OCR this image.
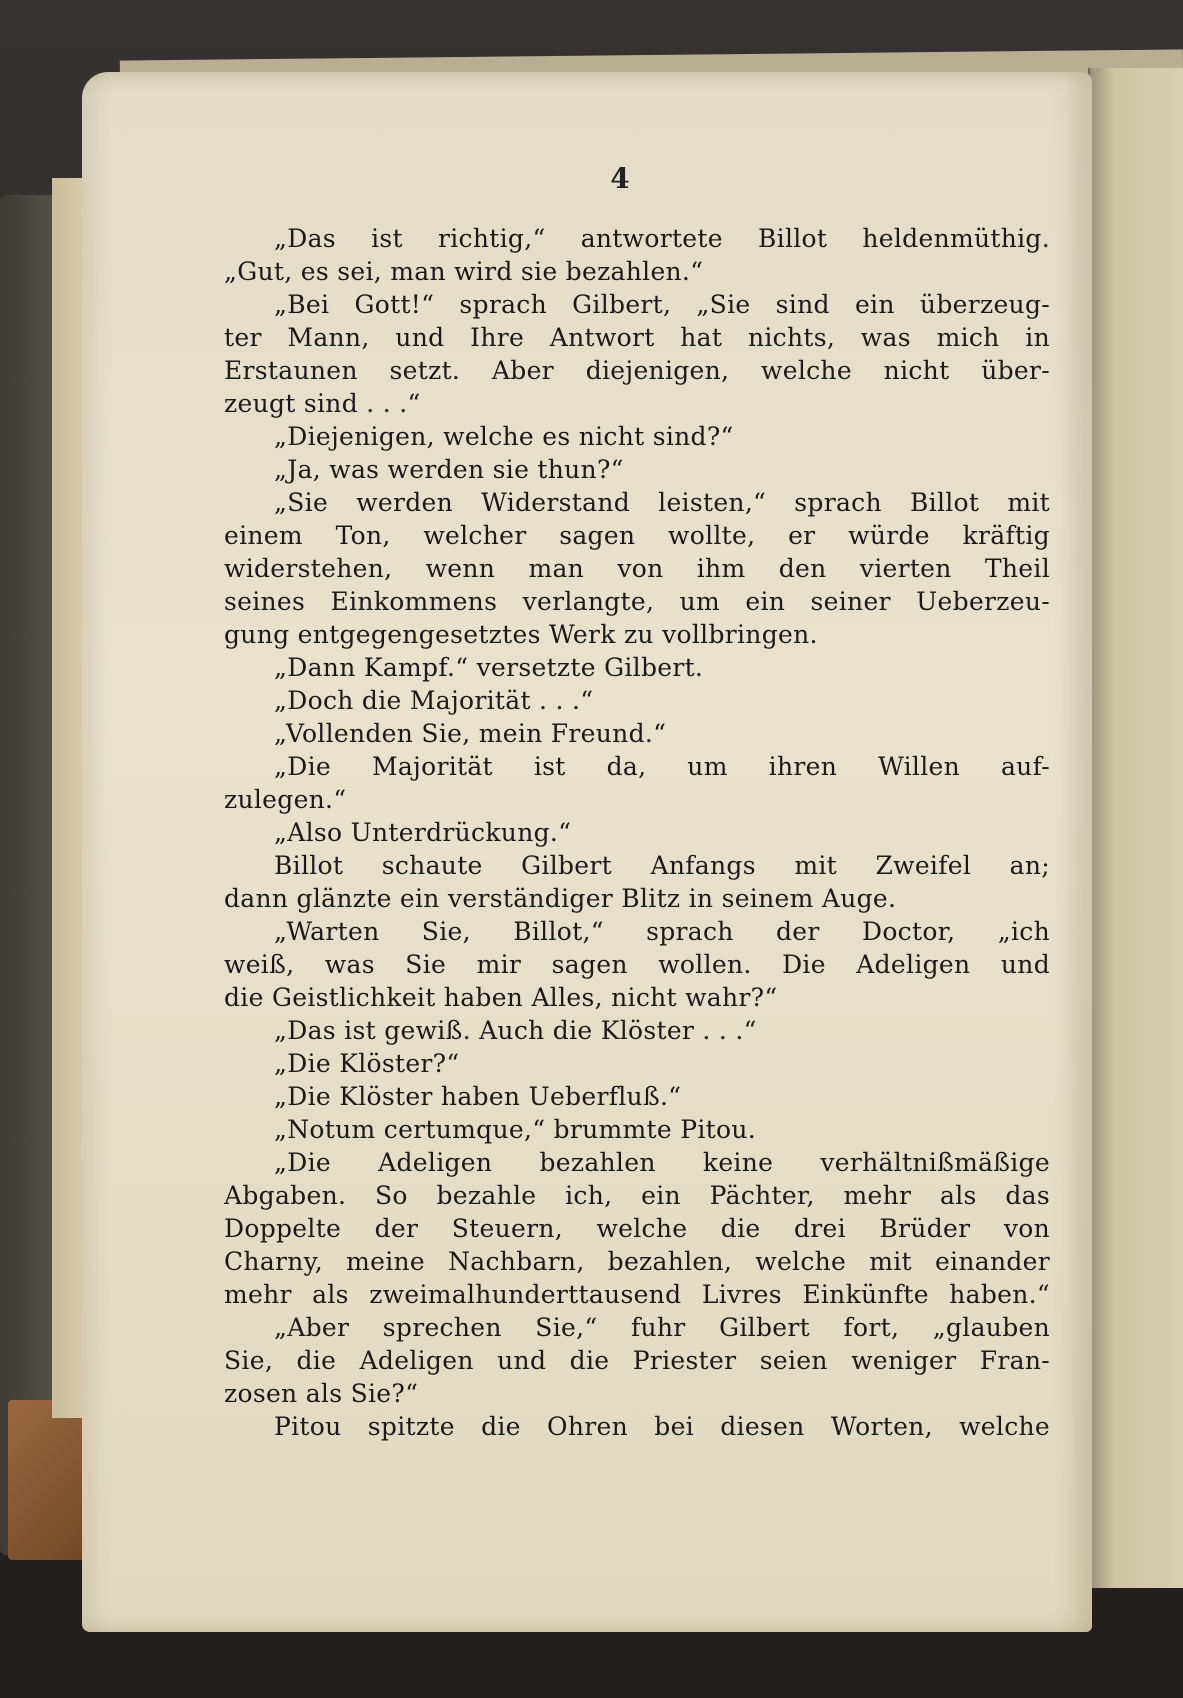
4
„Das ist richtig,“ antwortete Billot heldenmüthig.
„Gut, es sei, man wird sie bezahlen.“
„Bei Gott!“ sprach Gilbert, „Sie sind ein überzeug-
ter Mann, und Ihre Antwort hat nichts, was mich in
Erstaunen setzt. Aber diejenigen, welche nicht über-
zeugt sind . . .“
„Diejenigen, welche es nicht sind?“
„Ja, was werden sie thun?“
„Sie werden Widerstand leisten,“ sprach Billot mit
einem Ton, welcher sagen wollte, er würde kräftig
widerstehen, wenn man von ihm den vierten Theil
seines Einkommens verlangte, um ein seiner Ueberzeu-
gung entgegengesetztes Werk zu vollbringen.
„Dann Kampf.“ versetzte Gilbert.
„Doch die Majorität . . .“
„Vollenden Sie, mein Freund.“
„Die Majorität ist da, um ihren Willen auf-
zulegen.“
„Also Unterdrückung.“
Billot schaute Gilbert Anfangs mit Zweifel an;
dann glänzte ein verständiger Blitz in seinem Auge.
„Warten Sie, Billot,“ sprach der Doctor, „ich
weiß, was Sie mir sagen wollen. Die Adeligen und
die Geistlichkeit haben Alles, nicht wahr?“
„Das ist gewiß. Auch die Klöster . . .“
„Die Klöster?“
„Die Klöster haben Ueberfluß.“
„Notum certumque,“ brummte Pitou.
„Die Adeligen bezahlen keine verhältnißmäßige
Abgaben. So bezahle ich, ein Pächter, mehr als das
Doppelte der Steuern, welche die drei Brüder von
Charny, meine Nachbarn, bezahlen, welche mit einander
mehr als zweimalhunderttausend Livres Einkünfte haben.“
„Aber sprechen Sie,“ fuhr Gilbert fort, „glauben
Sie, die Adeligen und die Priester seien weniger Fran-
zosen als Sie?“
Pitou spitzte die Ohren bei diesen Worten, welche
